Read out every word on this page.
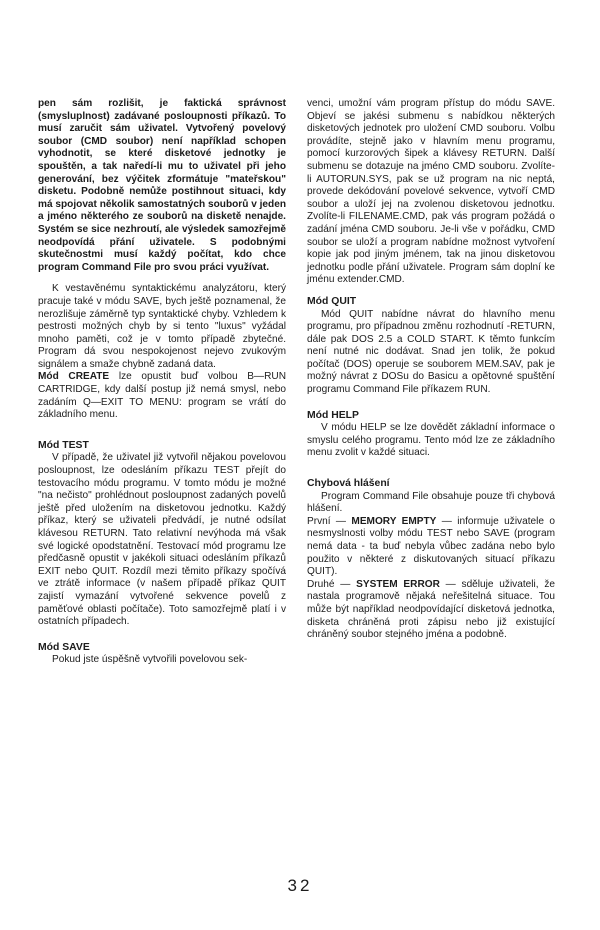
pen sám rozlišit, je faktická správnost (smysluplnost) zadávané posloupnosti příkazů. To musí zaručit sám uživatel. Vytvořený povelový soubor (CMD soubor) není například schopen vyhodnotit, se které disketové jednotky je spouštěn, a tak naředí-li mu to uživatel při jeho generování, bez výčitek zformátuje "mateřskou" disketu. Podobně nemůže postihnout situaci, kdy má spojovat několik samostatných souborů v jeden a jméno některého ze souborů na disketě nenajde. Systém se sice nezhroutí, ale výsledek samozřejmě neodpovídá přání uživatele. S podobnými skutečnostmi musí každý počítat, kdo chce program Command File pro svou práci využívat.

K vestavěnému syntaktickému analyzátoru, který pracuje také v módu SAVE, bych ještě poznamenal, že nerozlišuje záměrně typ syntaktické chyby. Vzhledem k pestrosti možných chyb by si tento "luxus" vyžádal mnoho paměti, což je v tomto případě zbytečné. Program dá svou nespokojenost nejevo zvukovým signálem a smaže chybně zadaná data.

Mód CREATE lze opustit buď volbou B—RUN CARTRIDGE, kdy další postup již nemá smysl, nebo zadáním Q—EXIT TO MENU: program se vrátí do základního menu.

Mód TEST

V případě, že uživatel již vytvořil nějakou povelovou posloupnost, lze odesláním příkazu TEST přejít do testovacího módu programu. V tomto módu je možné "na nečisto" prohlédnout posloupnost zadaných povelů ještě před uložením na disketovou jednotku. Každý příkaz, který se uživateli předvádí, je nutné odsílat klávesou RETURN. Tato relativní nevýhoda má však své logické opodstatnění. Testovací mód programu lze předčasně opustit v jakékoli situaci odesláním příkazů EXIT nebo QUIT. Rozdíl mezi těmito příkazy spočívá ve ztrátě informace (v našem případě příkaz QUIT zajistí vymazání vytvořené sekvence povelů z paměťové oblasti počítače). Toto samozřejmě platí i v ostatních případech.

Mód SAVE

Pokud jste úspěšně vytvořili povelovou sek-

venci, umožní vám program přístup do módu SAVE. Objeví se jakési submenu s nabídkou některých disketových jednotek pro uložení CMD souboru. Volbu provádíte, stejně jako v hlavním menu programu, pomocí kurzorových šipek a klávesy RETURN. Další submenu se dotazuje na jméno CMD souboru. Zvolíte-li AUTORUN.SYS, pak se už program na nic neptá, provede dekódování povelové sekvence, vytvoří CMD soubor a uloží jej na zvolenou disketovou jednotku. Zvolíte-li FILENAME.CMD, pak vás program požádá o zadání jména CMD souboru. Je-li vše v pořádku, CMD soubor se uloží a program nabídne možnost vytvoření kopie jak pod jiným jménem, tak na jinou disketovou jednotku podle přání uživatele. Program sám doplní ke jménu extender.CMD.

Mód QUIT

Mód QUIT nabídne návrat do hlavního menu programu, pro případnou změnu rozhodnutí -RETURN, dále pak DOS 2.5 a COLD START. K těmto funkcím není nutné nic dodávat. Snad jen tolik, že pokud počítač (DOS) operuje se souborem MEM.SAV, pak je možný návrat z DOSu do Basicu a opětovné spuštění programu Command File příkazem RUN.

Mód HELP

V módu HELP se lze dovědět základní informace o smyslu celého programu. Tento mód lze ze základního menu zvolit v každé situaci.

Chybová hlášení

Program Command File obsahuje pouze tři chybová hlášení.

První — MEMORY EMPTY — informuje uživatele o nesmyslnosti volby módu TEST nebo SAVE (program nemá data - ta buď nebyla vůbec zadána nebo bylo použito v některé z diskutovaných situací příkazu QUIT).

Druhé — SYSTEM ERROR — sděluje uživateli, že nastala programově nějaká neřešitelná situace. Tou může být například neodpovídající disketová jednotka, disketa chráněná proti zápisu nebo již existující chráněný soubor stejného jména a podobně.

32
